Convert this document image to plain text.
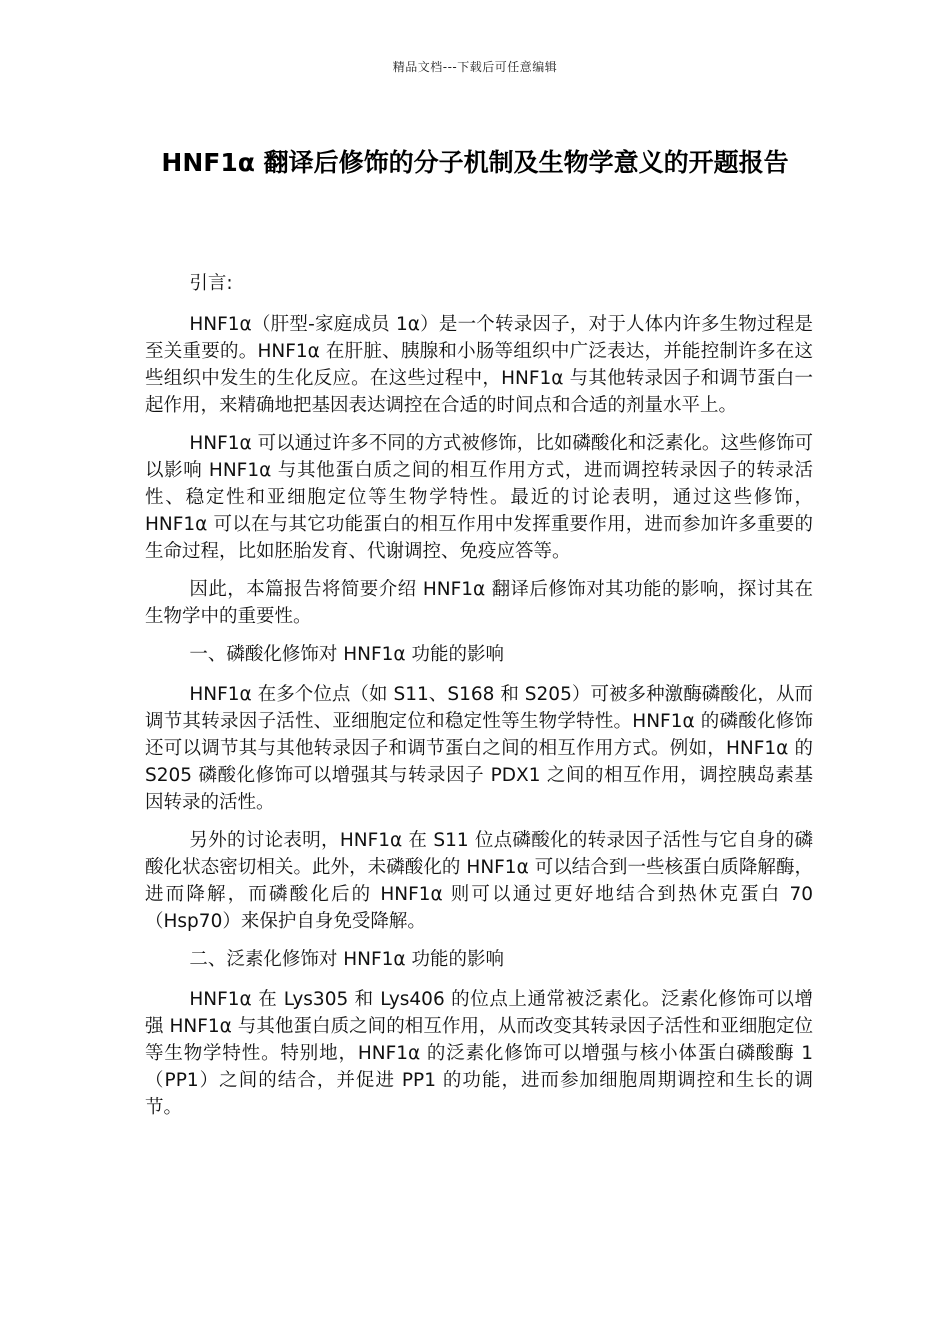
精品文档---下载后可任意编辑
HNF1α 翻译后修饰的分子机制及生物学意义的开题报告

引言:

HNF1α（肝型-家庭成员 1α）是一个转录因子，对于人体内许多生物过程是至关重要的。HNF1α 在肝脏、胰腺和小肠等组织中广泛表达，并能控制许多在这些组织中发生的生化反应。在这些过程中，HNF1α 与其他转录因子和调节蛋白一起作用，来精确地把基因表达调控在合适的时间点和合适的剂量水平上。

HNF1α 可以通过许多不同的方式被修饰，比如磷酸化和泛素化。这些修饰可以影响 HNF1α 与其他蛋白质之间的相互作用方式，进而调控转录因子的转录活性、稳定性和亚细胞定位等生物学特性。最近的讨论表明，通过这些修饰，HNF1α 可以在与其它功能蛋白的相互作用中发挥重要作用，进而参加许多重要的生命过程，比如胚胎发育、代谢调控、免疫应答等。

因此，本篇报告将简要介绍 HNF1α 翻译后修饰对其功能的影响，探讨其在生物学中的重要性。

一、磷酸化修饰对 HNF1α 功能的影响

HNF1α 在多个位点（如 S11、S168 和 S205）可被多种激酶磷酸化，从而调节其转录因子活性、亚细胞定位和稳定性等生物学特性。HNF1α 的磷酸化修饰还可以调节其与其他转录因子和调节蛋白之间的相互作用方式。例如，HNF1α 的 S205 磷酸化修饰可以增强其与转录因子 PDX1 之间的相互作用，调控胰岛素基因转录的活性。

另外的讨论表明，HNF1α 在 S11 位点磷酸化的转录因子活性与它自身的磷酸化状态密切相关。此外，未磷酸化的 HNF1α 可以结合到一些核蛋白质降解酶，进而降解，而磷酸化后的 HNF1α 则可以通过更好地结合到热休克蛋白 70（Hsp70）来保护自身免受降解。

二、泛素化修饰对 HNF1α 功能的影响

HNF1α 在 Lys305 和 Lys406 的位点上通常被泛素化。泛素化修饰可以增强 HNF1α 与其他蛋白质之间的相互作用，从而改变其转录因子活性和亚细胞定位等生物学特性。特别地，HNF1α 的泛素化修饰可以增强与核小体蛋白磷酸酶 1（PP1）之间的结合，并促进 PP1 的功能，进而参加细胞周期调控和生长的调节。
